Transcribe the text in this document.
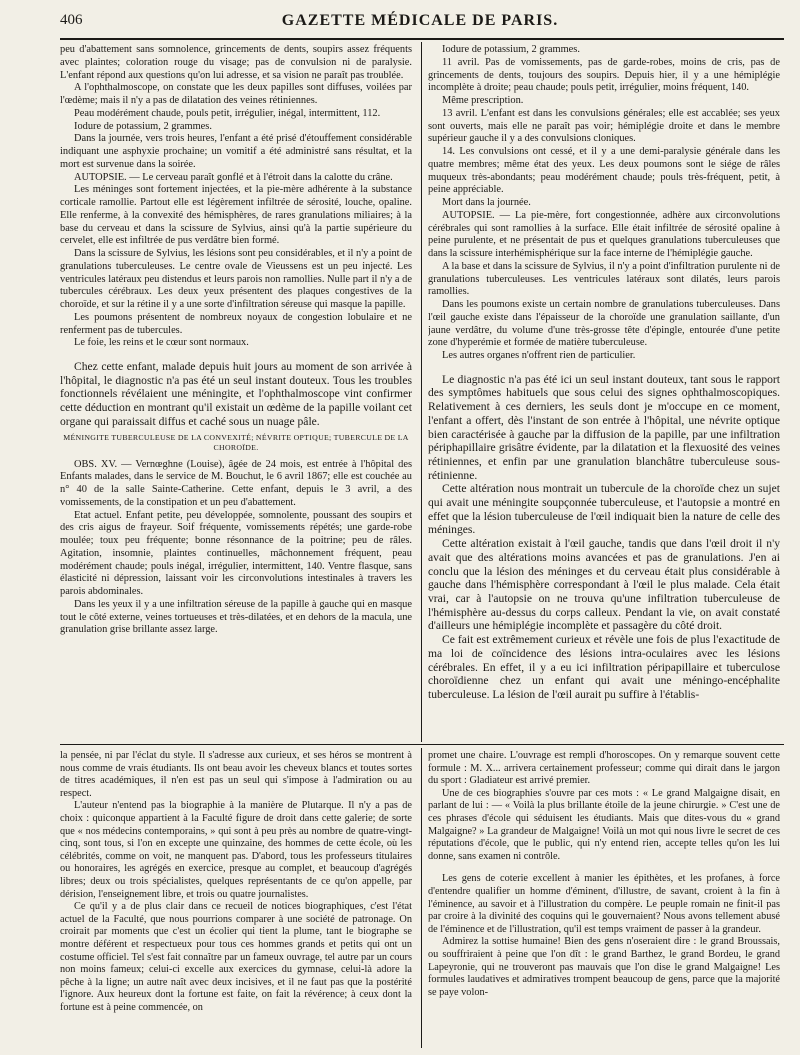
406	GAZETTE MÉDICALE DE PARIS.

peu d'abattement sans somnolence, grincements de dents, soupirs assez fréquents avec plaintes; coloration rouge du visage; pas de convulsion ni de paralysie. L'enfant répond aux questions qu'on lui adresse, et sa vision ne paraît pas troublée.

A l'ophthalmoscope, on constate que les deux papilles sont diffuses, voilées par l'œdème; mais il n'y a pas de dilatation des veines rétiniennes.

Peau modérément chaude, pouls petit, irrégulier, inégal, intermittent, 112.

Iodure de potassium, 2 grammes.

Dans la journée, vers trois heures, l'enfant a été prisé d'étouffement considérable indiquant une asphyxie prochaine; un vomitif a été administré sans résultat, et la mort est survenue dans la soirée.

AUTOPSIE. — Le cerveau paraît gonflé et à l'étroit dans la calotte du crâne.

Les méninges sont fortement injectées, et la pie-mère adhérente à la substance corticale ramollie. Partout elle est légèrement infiltrée de sérosité, louche, opaline. Elle renferme, à la convexité des hémisphères, de rares granulations miliaires; à la base du cerveau et dans la scissure de Sylvius, ainsi qu'à la partie supérieure du cervelet, elle est infiltrée de pus verdâtre bien formé.

Dans la scissure de Sylvius, les lésions sont peu considérables, et il n'y a point de granulations tuberculeuses. Le centre ovale de Vieussens est un peu injecté. Les ventricules latéraux peu distendus et leurs parois non ramollies. Nulle part il n'y a de tubercules cérébraux. Les deux yeux présentent des plaques congestives de la choroïde, et sur la rétine il y a une sorte d'infiltration séreuse qui masque la papille.

Les poumons présentent de nombreux noyaux de congestion lobulaire et ne renferment pas de tubercules.

Le foie, les reins et le cœur sont normaux.

Chez cette enfant, malade depuis huit jours au moment de son arrivée à l'hôpital, le diagnostic n'a pas été un seul instant douteux. Tous les troubles fonctionnels révélaient une méningite, et l'ophthalmoscope vint confirmer cette déduction en montrant qu'il existait un œdème de la papille voilant cet organe qui paraissait diffus et caché sous un nuage pâle.

MÉNINGITE TUBERCULEUSE DE LA CONVEXITÉ; NÉVRITE OPTIQUE; TUBERCULE DE LA CHOROÏDE.

OBS. XV. — Vernœghne (Louise), âgée de 24 mois, est entrée à l'hôpital des Enfants malades, dans le service de M. Bouchut, le 6 avril 1867; elle est couchée au n° 40 de la salle Sainte-Catherine. Cette enfant, depuis le 3 avril, a des vomissements, de la constipation et un peu d'abattement.

Etat actuel. Enfant petite, peu développée, somnolente, poussant des soupirs et des cris aigus de frayeur. Soif fréquente, vomissements répétés; une garde-robe moulée; toux peu fréquente; bonne résonnance de la poitrine; peu de râles. Agitation, insomnie, plaintes continuelles, mâchonnement fréquent, peau modérément chaude; pouls inégal, irrégulier, intermittent, 140. Ventre flasque, sans élasticité ni dépression, laissant voir les circonvolutions intestinales à travers les parois abdominales.

Dans les yeux il y a une infiltration séreuse de la papille à gauche qui en masque tout le côté externe, veines tortueuses et très-dilatées, et en dehors de la macula, une granulation grise brillante assez large.

Iodure de potassium, 2 grammes.

11 avril. Pas de vomissements, pas de garde-robes, moins de cris, pas de grincements de dents, toujours des soupirs. Depuis hier, il y a une hémiplégie incomplète à droite; peau chaude; pouls petit, irrégulier, moins fréquent, 140.

Même prescription.

13 avril. L'enfant est dans les convulsions générales; elle est accablée; ses yeux sont ouverts, mais elle ne paraît pas voir; hémiplégie droite et dans le membre supérieur gauche il y a des convulsions cloniques.

14. Les convulsions ont cessé, et il y a une demi-paralysie générale dans les quatre membres; même état des yeux. Les deux poumons sont le siége de râles muqueux très-abondants; peau modérément chaude; pouls très-fréquent, petit, à peine appréciable.

Mort dans la journée.

AUTOPSIE. — La pie-mère, fort congestionnée, adhère aux circonvolutions cérébrales qui sont ramollies à la surface. Elle était infiltrée de sérosité opaline à peine purulente, et ne présentait de pus et quelques granulations tuberculeuses que dans la scissure interhémisphérique sur la face interne de l'hémiplégie gauche.

A la base et dans la scissure de Sylvius, il n'y a point d'infiltration purulente ni de granulations tuberculeuses. Les ventricules latéraux sont dilatés, leurs parois ramollies.

Dans les poumons existe un certain nombre de granulations tuberculeuses. Dans l'œil gauche existe dans l'épaisseur de la choroïde une granulation saillante, d'un jaune verdâtre, du volume d'une très-grosse tête d'épingle, entourée d'une petite zone d'hyperémie et formée de matière tuberculeuse.

Les autres organes n'offrent rien de particulier.

Le diagnostic n'a pas été ici un seul instant douteux, tant sous le rapport des symptômes habituels que sous celui des signes ophthalmoscopiques. Relativement à ces derniers, les seuls dont je m'occupe en ce moment, l'enfant a offert, dès l'instant de son entrée à l'hôpital, une névrite optique bien caractérisée à gauche par la diffusion de la papille, par une infiltration périphapillaire grisâtre évidente, par la dilatation et la flexuosité des veines rétiniennes, et enfin par une granulation blanchâtre tuberculeuse sous-rétinienne.

Cette altération nous montrait un tubercule de la choroïde chez un sujet qui avait une méningite soupçonnée tuberculeuse, et l'autopsie a montré en effet que la lésion tuberculeuse de l'œil indiquait bien la nature de celle des méninges.

Cette altération existait à l'œil gauche, tandis que dans l'œil droit il n'y avait que des altérations moins avancées et pas de granulations. J'en ai conclu que la lésion des méninges et du cerveau était plus considérable à gauche dans l'hémisphère correspondant à l'œil le plus malade. Cela était vrai, car à l'autopsie on ne trouva qu'une infiltration tuberculeuse de l'hémisphère au-dessus du corps calleux. Pendant la vie, on avait constaté d'ailleurs une hémiplégie incomplète et passagère du côté droit.

Ce fait est extrêmement curieux et révèle une fois de plus l'exactitude de ma loi de coïncidence des lésions intra-oculaires avec les lésions cérébrales. En effet, il y a eu ici infiltration péripapillaire et tuberculose choroïdienne chez un enfant qui avait une méningo-encéphalite tuberculeuse. La lésion de l'œil aurait pu suffire à l'établis-

la pensée, ni par l'éclat du style. Il s'adresse aux curieux, et ses héros se montrent à nous comme de vrais étudiants. Ils ont beau avoir les cheveux blancs et toutes sortes de titres académiques, il n'en est pas un seul qui s'impose à l'admiration ou au respect.

L'auteur n'entend pas la biographie à la manière de Plutarque. Il n'y a pas de choix : quiconque appartient à la Faculté figure de droit dans cette galerie; de sorte que « nos médecins contemporains, » qui sont à peu près au nombre de quatre-vingt-cinq, sont tous, si l'on en excepte une quinzaine, des hommes de cette école, où les célébrités, comme on voit, ne manquent pas. D'abord, tous les professeurs titulaires ou honoraires, les agrégés en exercice, presque au complet, et beaucoup d'agrégés libres; deux ou trois spécialistes, quelques représentants de ce qu'on appelle, par dérision, l'enseignement libre, et trois ou quatre journalistes.

Ce qu'il y a de plus clair dans ce recueil de notices biographiques, c'est l'état actuel de la Faculté, que nous pourrions comparer à une société de patronage. On croirait par moments que c'est un écolier qui tient la plume, tant le biographe se montre déférent et respectueux pour tous ces hommes grands et petits qui ont un costume officiel. Tel s'est fait connaître par un fameux ouvrage, tel autre par un cours non moins fameux; celui-ci excelle aux exercices du gymnase, celui-là adore la pêche à la ligne; un autre naît avec deux incisives, et il ne faut pas que la postérité l'ignore. Aux heureux dont la fortune est faite, on fait la révérence; à ceux dont la fortune est à peine commencée, on

promet une chaire. L'ouvrage est rempli d'horoscopes. On y remarque souvent cette formule : M. X... arrivera certainement professeur; comme qui dirait dans le jargon du sport : Gladiateur est arrivé premier.

Une de ces biographies s'ouvre par ces mots : « Le grand Malgaigne disait, en parlant de lui : — « Voilà la plus brillante étoile de la jeune chirurgie. » C'est une de ces phrases d'école qui séduisent les étudiants. Mais que dites-vous du « grand Malgaigne? » La grandeur de Malgaigne! Voilà un mot qui nous livre le secret de ces réputations d'école, que le public, qui n'y entend rien, accepte telles qu'on les lui donne, sans examen ni contrôle.

Les gens de coterie excellent à manier les épithètes, et les profanes, à force d'entendre qualifier un homme d'éminent, d'illustre, de savant, croient à la fin à l'éminence, au savoir et à l'illustration du compère. Le peuple romain ne finit-il pas par croire à la divinité des coquins qui le gouvernaient? Nous avons tellement abusé de l'éminence et de l'illustration, qu'il est temps vraiment de passer à la grandeur.

Admirez la sottise humaine! Bien des gens n'oseraient dire : le grand Broussais, ou souffriraient à peine que l'on dît : le grand Barthez, le grand Bordeu, le grand Lapeyronie, qui ne trouveront pas mauvais que l'on dise le grand Malgaigne! Les formules laudatives et admiratives trompent beaucoup de gens, parce que la majorité se paye volon-
